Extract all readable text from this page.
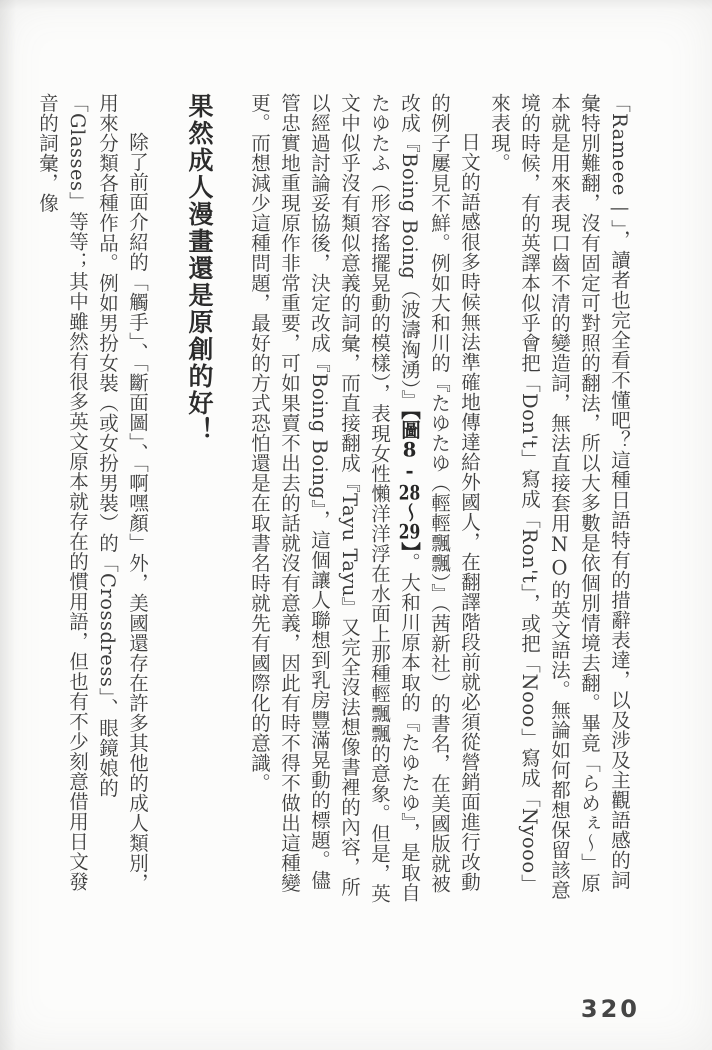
「Rameee—」，讀者也完全看不懂吧？這種日語特有的措辭表達，以及涉及主觀語感的詞彙特別難翻，沒有固定可對照的翻法，所以大多數是依個別情境去翻。畢竟「らめぇ～」原本就是用來表現口齒不清的變造詞，無法直接套用NO的英文語法。無論如何都想保留該意境的時候，有的英譯本似乎會把「Don't」寫成「Ron't」，或把「Nooo」寫成「Nyooo」來表現。

日文的語感很多時候無法準確地傳達給外國人，在翻譯階段前就必須從營銷面進行改動的例子屢見不鮮。例如大和川的『たゆたゆ（輕輕飄飄）』（茜新社）的書名，在美國版就被改成『Boing Boing（波濤洶湧）』【圖8-28～29】。大和川原本取的『たゆたゆ』，是取自たゆたふ（形容搖擺晃動的模樣），表現女性懶洋洋浮在水面上那種輕飄飄的意象。但是，英文中似乎沒有類似意義的詞彙，而直接翻成『Tayu Tayu』又完全沒法想像書裡的內容，所以經過討論妥協後，決定改成『Boing Boing』，這個讓人聯想到乳房豐滿晃動的標題。儘管忠實地重現原作非常重要，可如果賣不出去的話就沒有意義，因此有時不得不做出這種變更。而想減少這種問題，最好的方式恐怕還是在取書名時就先有國際化的意識。

果然成人漫畫還是原創的好！

除了前面介紹的「觸手」、「斷面圖」、「啊嘿顏」外，美國還存在許多其他的成人類別，用來分類各種作品。例如男扮女裝（或女扮男裝）的「Crossdress」、眼鏡娘的「Glasses」等等；其中雖然有很多英文原本就存在的慣用語，但也有不少刻意借用日文發音的詞彙，像

320
